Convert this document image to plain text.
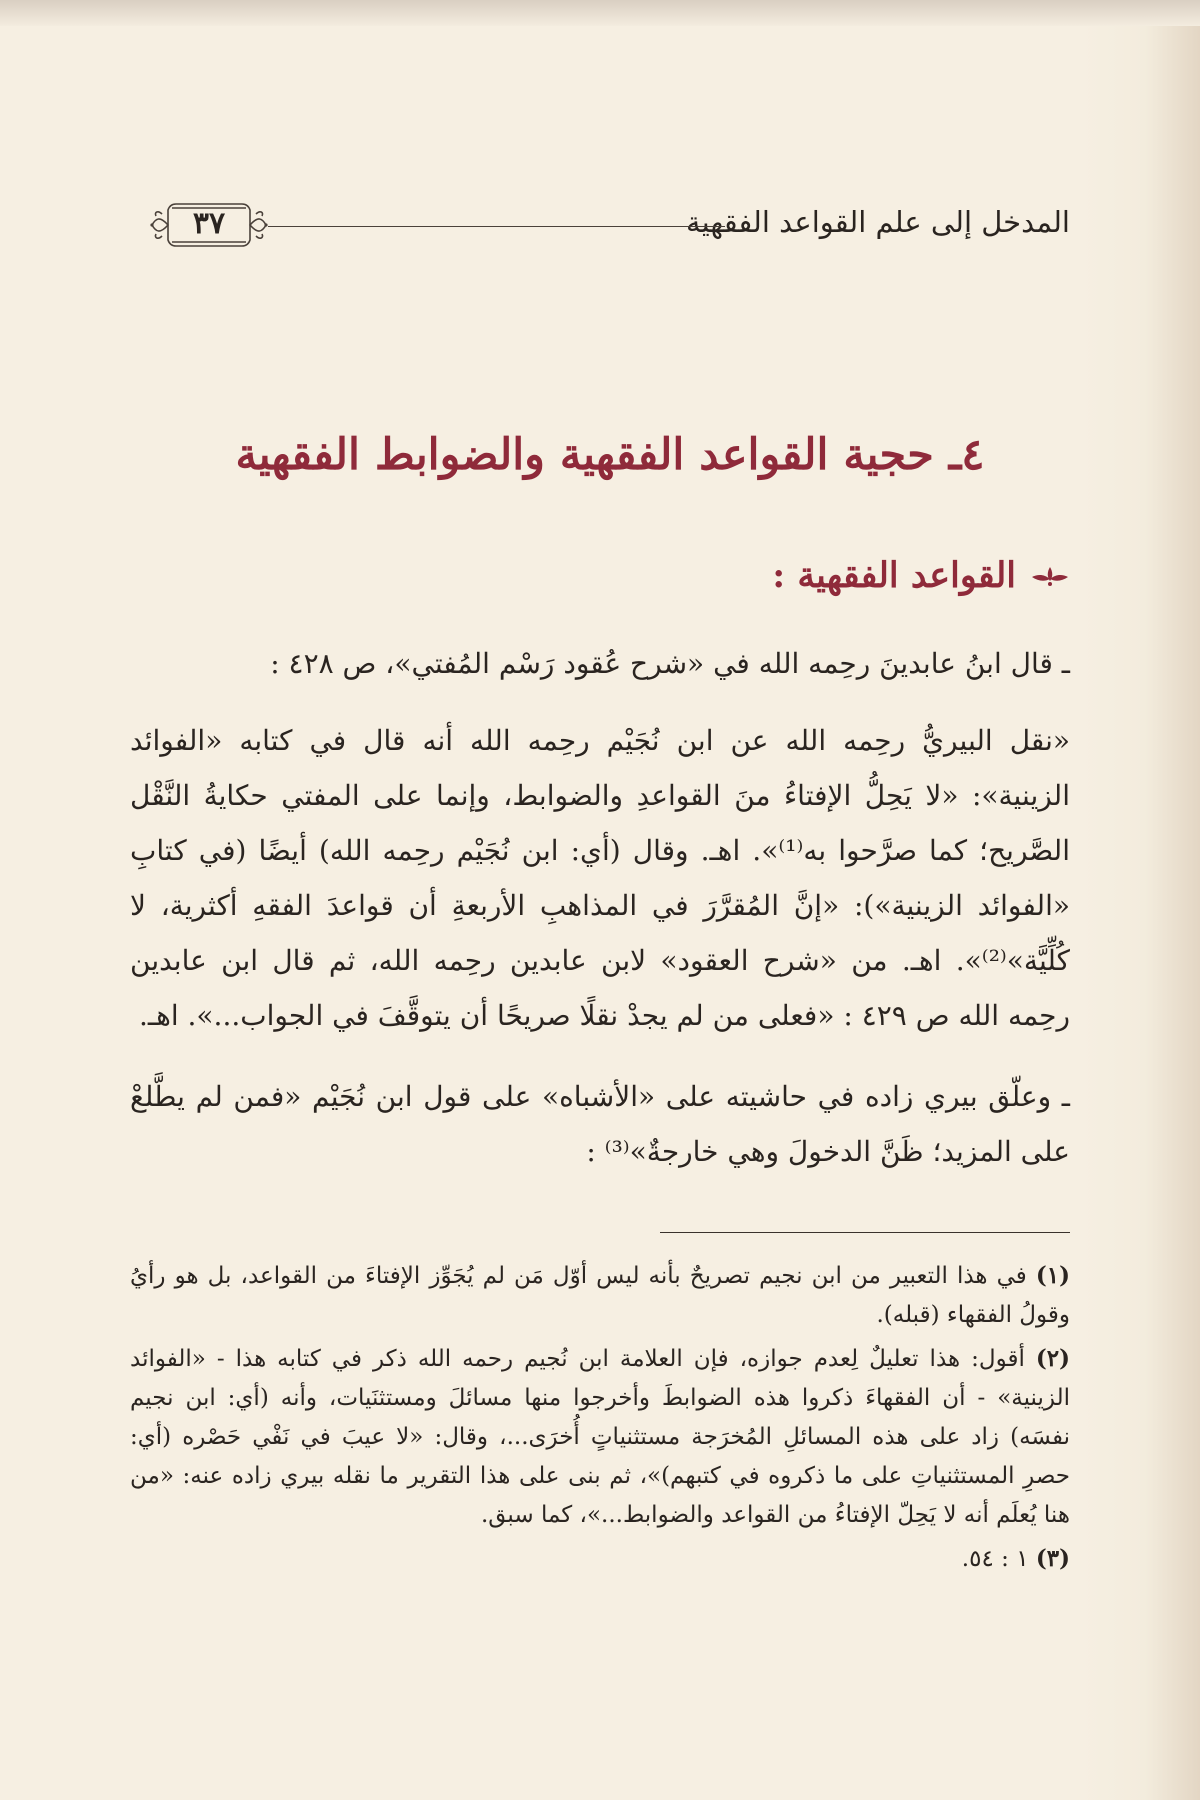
المدخل إلى علم القواعد الفقهية
٣٧
٤ـ حجية القواعد الفقهية والضوابط الفقهية
القواعد الفقهية :

ـ قال ابنُ عابدينَ رحِمه الله في «شرح عُقود رَسْم المُفتي»، ص ٤٢٨ :

«نقل البيريُّ رحِمه الله عن ابن نُجَيْم رحِمه الله أنه قال في كتابه «الفوائد الزينية»: «لا يَحِلُّ الإفتاءُ منَ القواعدِ والضوابط، وإنما على المفتي حكايةُ النَّقْل الصَّريح؛ كما صرَّحوا به⁽¹⁾». اهـ. وقال (أي: ابن نُجَيْم رحِمه الله) أيضًا (في كتابِ «الفوائد الزينية»): «إنَّ المُقرَّرَ في المذاهبِ الأربعةِ أن قواعدَ الفقهِ أكثرية، لا كُلِّيَّة»⁽²⁾». اهـ. من «شرح العقود» لابن عابدين رحِمه الله، ثم قال ابن عابدين رحِمه الله ص ٤٢٩ : «فعلى من لم يجدْ نقلًا صريحًا أن يتوقَّفَ في الجواب...». اهـ.

ـ وعلّق بيري زاده في حاشيته على «الأشباه» على قول ابن نُجَيْم «فمن لم يطَّلعْ على المزيد؛ ظَنَّ الدخولَ وهي خارجةٌ»⁽³⁾ :

(١) في هذا التعبير من ابن نجيم تصريحٌ بأنه ليس أوّل مَن لم يُجَوِّز الإفتاءَ من القواعد، بل هو رأيُ وقولُ الفقهاء (قبله).

(٢) أقول: هذا تعليلٌ لِعدم جوازه، فإن العلامة ابن نُجيم رحمه الله ذكر في كتابه هذا - «الفوائد الزينية» - أن الفقهاءَ ذكروا هذه الضوابطَ وأخرجوا منها مسائلَ ومستثنَيات، وأنه (أي: ابن نجيم نفسَه) زاد على هذه المسائلِ المُخرَجة مستثنياتٍ أُخرَى...، وقال: «لا عيبَ في نَفْي حَصْره (أي: حصرِ المستثنياتِ على ما ذكروه في كتبهم)»، ثم بنى على هذا التقرير ما نقله بيري زاده عنه: «من هنا يُعلَم أنه لا يَحِلّ الإفتاءُ من القواعد والضوابط...»، كما سبق.

(٣) ١ : ٥٤.
